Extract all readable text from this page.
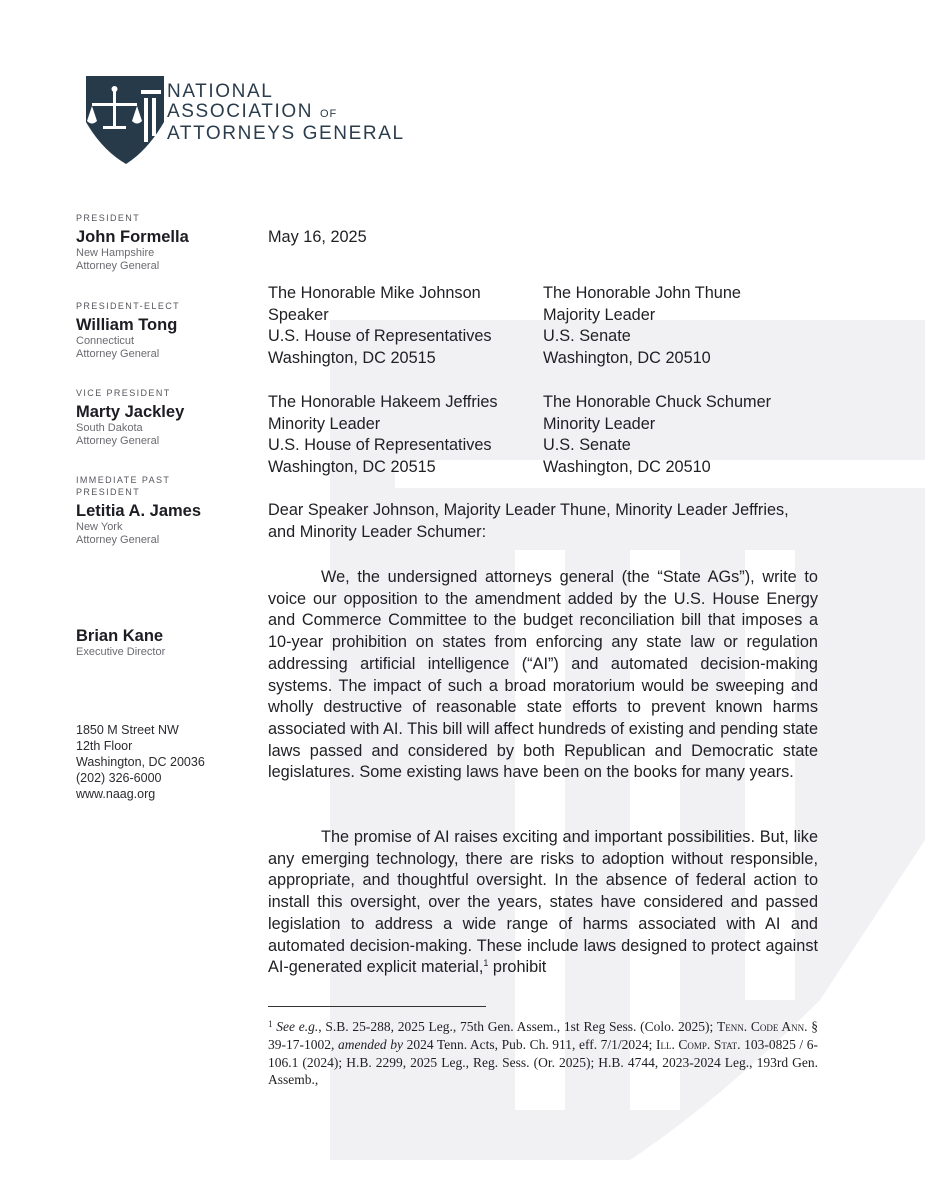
NATIONAL
ASSOCIATION OF
ATTORNEYS GENERAL
PRESIDENT
John Formella
New Hampshire
Attorney General
PRESIDENT-ELECT
William Tong
Connecticut
Attorney General
VICE PRESIDENT
Marty Jackley
South Dakota
Attorney General
IMMEDIATE PAST
PRESIDENT
Letitia A. James
New York
Attorney General
Brian Kane
Executive Director
1850 M Street NW
12th Floor
Washington, DC 20036
(202) 326-6000
www.naag.org
May 16, 2025
The Honorable Mike Johnson
Speaker
U.S. House of Representatives
Washington, DC 20515
The Honorable John Thune
Majority Leader
U.S. Senate
Washington, DC 20510
The Honorable Hakeem Jeffries
Minority Leader
U.S. House of Representatives
Washington, DC 20515
The Honorable Chuck Schumer
Minority Leader
U.S. Senate
Washington, DC 20510
Dear Speaker Johnson, Majority Leader Thune, Minority Leader Jeffries, and Minority Leader Schumer:

We, the undersigned attorneys general (the “State AGs”), write to voice our opposition to the amendment added by the U.S. House Energy and Commerce Committee to the budget reconciliation bill that imposes a 10-year prohibition on states from enforcing any state law or regulation addressing artificial intelligence (“AI”) and automated decision-making systems. The impact of such a broad moratorium would be sweeping and wholly destructive of reasonable state efforts to prevent known harms associated with AI. This bill will affect hundreds of existing and pending state laws passed and considered by both Republican and Democratic state legislatures. Some existing laws have been on the books for many years.

The promise of AI raises exciting and important possibilities. But, like any emerging technology, there are risks to adoption without responsible, appropriate, and thoughtful oversight. In the absence of federal action to install this oversight, over the years, states have considered and passed legislation to address a wide range of harms associated with AI and automated decision-making. These include laws designed to protect against AI-generated explicit material,$^1$ prohibit

$^1$ See e.g., S.B. 25-288, 2025 Leg., 75th Gen. Assem., 1st Reg Sess. (Colo. 2025); Tenn. Code Ann. § 39-17-1002, amended by 2024 Tenn. Acts, Pub. Ch. 911, eff. 7/1/2024; Ill. Comp. Stat. 103-0825 / 6-106.1 (2024); H.B. 2299, 2025 Leg., Reg. Sess. (Or. 2025); H.B. 4744, 2023-2024 Leg., 193rd Gen. Assemb.,
